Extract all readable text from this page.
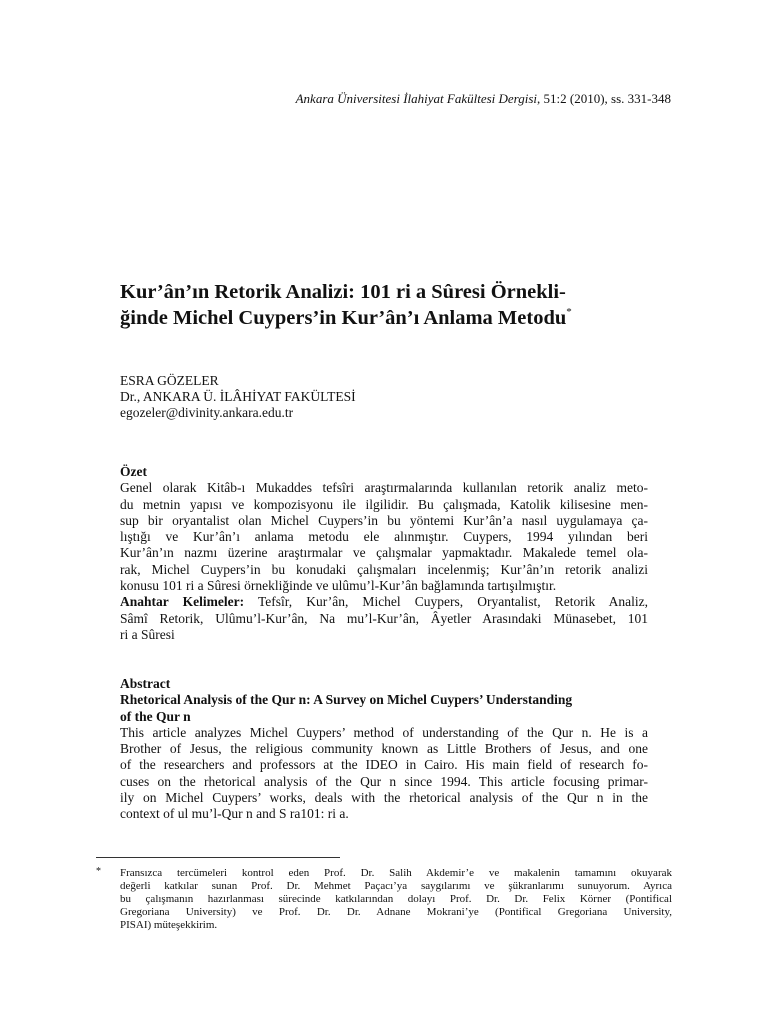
Ankara Üniversitesi İlahiyat Fakültesi Dergisi, 51:2 (2010), ss. 331-348
Kur’ân’ın Retorik Analizi: 101 ri a Sûresi Örnekli-
ğinde Michel Cuypers’in Kur’ân’ı Anlama Metodu*
ESRA GÖZELER
Dr., ANKARA Ü. İLÂHİYAT FAKÜLTESİ
egozeler@divinity.ankara.edu.tr
Özet
Genel olarak Kitâb-ı Mukaddes tefsîri araştırmalarında kullanılan retorik analiz meto-
du metnin yapısı ve kompozisyonu ile ilgilidir. Bu çalışmada, Katolik kilisesine men-
sup bir oryantalist olan Michel Cuypers’in bu yöntemi Kur’ân’a nasıl uygulamaya ça-
lıştığı ve Kur’ân’ı anlama metodu ele alınmıştır. Cuypers, 1994 yılından beri
Kur’ân’ın nazmı üzerine araştırmalar ve çalışmalar yapmaktadır. Makalede temel ola-
rak, Michel Cuypers’in bu konudaki çalışmaları incelenmiş; Kur’ân’ın retorik analizi
konusu 101 ri a Sûresi örnekliğinde ve ulûmu’l-Kur’ân bağlamında tartışılmıştır.
Anahtar Kelimeler: Tefsîr, Kur’ân, Michel Cuypers, Oryantalist, Retorik Analiz,
Sâmî Retorik, Ulûmu’l-Kur’ân, Na mu’l-Kur’ân, Âyetler Arasındaki Münasebet, 101
ri a Sûresi
Abstract
Rhetorical Analysis of the Qur n: A Survey on Michel Cuypers’ Understanding
of the Qur n
This article analyzes Michel Cuypers’ method of understanding of the Qur n. He is a
Brother of Jesus, the religious community known as Little Brothers of Jesus, and one
of the researchers and professors at the IDEO in Cairo. His main field of research fo-
cuses on the rhetorical analysis of the Qur n since 1994. This article focusing primar-
ily on Michel Cuypers’ works, deals with the rhetorical analysis of the Qur n in the
context of ul mu’l-Qur n and S ra101: ri a.
* Fransızca tercümeleri kontrol eden Prof. Dr. Salih Akdemir’e ve makalenin tamamını okuyarak
değerli katkılar sunan Prof. Dr. Mehmet Paçacı’ya saygılarımı ve şükranlarımı sunuyorum. Ayrıca
bu çalışmanın hazırlanması sürecinde katkılarından dolayı Prof. Dr. Dr. Felix Körner (Pontifical
Gregoriana University) ve Prof. Dr. Dr. Adnane Mokrani’ye (Pontifical Gregoriana University,
PISAI) müteşekkirim.
